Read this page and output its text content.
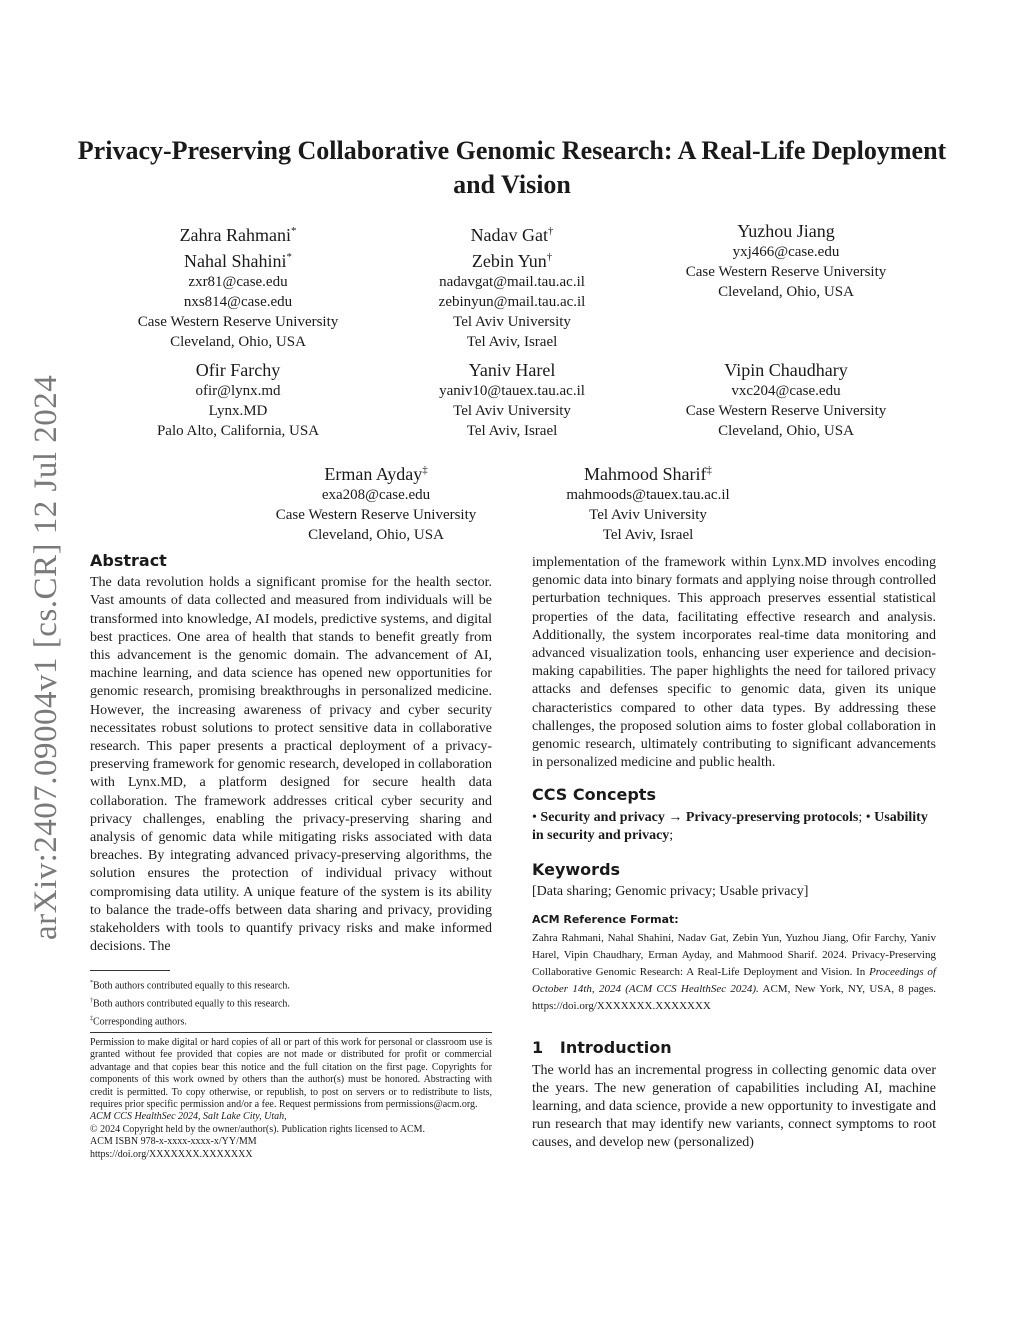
arXiv:2407.09004v1 [cs.CR] 12 Jul 2024
Privacy-Preserving Collaborative Genomic Research: A Real-Life Deployment and Vision
Zahra Rahmani*
Nahal Shahini*
zxr81@case.edu
nxs814@case.edu
Case Western Reserve University
Cleveland, Ohio, USA
Nadav Gat†
Zebin Yun†
nadavgat@mail.tau.ac.il
zebinyun@mail.tau.ac.il
Tel Aviv University
Tel Aviv, Israel
Yuzhou Jiang
yxj466@case.edu
Case Western Reserve University
Cleveland, Ohio, USA
Ofir Farchy
ofir@lynx.md
Lynx.MD
Palo Alto, California, USA
Yaniv Harel
yaniv10@tauex.tau.ac.il
Tel Aviv University
Tel Aviv, Israel
Vipin Chaudhary
vxc204@case.edu
Case Western Reserve University
Cleveland, Ohio, USA
Erman Ayday‡
exa208@case.edu
Case Western Reserve University
Cleveland, Ohio, USA
Mahmood Sharif‡
mahmoods@tauex.tau.ac.il
Tel Aviv University
Tel Aviv, Israel
Abstract
The data revolution holds a significant promise for the health sector. Vast amounts of data collected and measured from individuals will be transformed into knowledge, AI models, predictive systems, and digital best practices. One area of health that stands to benefit greatly from this advancement is the genomic domain. The advancement of AI, machine learning, and data science has opened new opportunities for genomic research, promising breakthroughs in personalized medicine. However, the increasing awareness of privacy and cyber security necessitates robust solutions to protect sensitive data in collaborative research. This paper presents a practical deployment of a privacy-preserving framework for genomic research, developed in collaboration with Lynx.MD, a platform designed for secure health data collaboration. The framework addresses critical cyber security and privacy challenges, enabling the privacy-preserving sharing and analysis of genomic data while mitigating risks associated with data breaches. By integrating advanced privacy-preserving algorithms, the solution ensures the protection of individual privacy without compromising data utility. A unique feature of the system is its ability to balance the trade-offs between data sharing and privacy, providing stakeholders with tools to quantify privacy risks and make informed decisions. The
*Both authors contributed equally to this research.
†Both authors contributed equally to this research.
‡Corresponding authors.
Permission to make digital or hard copies of all or part of this work for personal or classroom use is granted without fee provided that copies are not made or distributed for profit or commercial advantage and that copies bear this notice and the full citation on the first page. Copyrights for components of this work owned by others than the author(s) must be honored. Abstracting with credit is permitted. To copy otherwise, or republish, to post on servers or to redistribute to lists, requires prior specific permission and/or a fee. Request permissions from permissions@acm.org.
ACM CCS HealthSec 2024, Salt Lake City, Utah,
© 2024 Copyright held by the owner/author(s). Publication rights licensed to ACM.
ACM ISBN 978-x-xxxx-xxxx-x/YY/MM
https://doi.org/XXXXXXX.XXXXXXX
implementation of the framework within Lynx.MD involves encoding genomic data into binary formats and applying noise through controlled perturbation techniques. This approach preserves essential statistical properties of the data, facilitating effective research and analysis. Additionally, the system incorporates real-time data monitoring and advanced visualization tools, enhancing user experience and decision-making capabilities. The paper highlights the need for tailored privacy attacks and defenses specific to genomic data, given its unique characteristics compared to other data types. By addressing these challenges, the proposed solution aims to foster global collaboration in genomic research, ultimately contributing to significant advancements in personalized medicine and public health.
CCS Concepts
• Security and privacy → Privacy-preserving protocols; • Usability in security and privacy;
Keywords
[Data sharing; Genomic privacy; Usable privacy]
ACM Reference Format:
Zahra Rahmani, Nahal Shahini, Nadav Gat, Zebin Yun, Yuzhou Jiang, Ofir Farchy, Yaniv Harel, Vipin Chaudhary, Erman Ayday, and Mahmood Sharif. 2024. Privacy-Preserving Collaborative Genomic Research: A Real-Life Deployment and Vision. In Proceedings of October 14th, 2024 (ACM CCS HealthSec 2024). ACM, New York, NY, USA, 8 pages. https://doi.org/XXXXXXX.XXXXXXX
1 Introduction
The world has an incremental progress in collecting genomic data over the years. The new generation of capabilities including AI, machine learning, and data science, provide a new opportunity to investigate and run research that may identify new variants, connect symptoms to root causes, and develop new (personalized)
